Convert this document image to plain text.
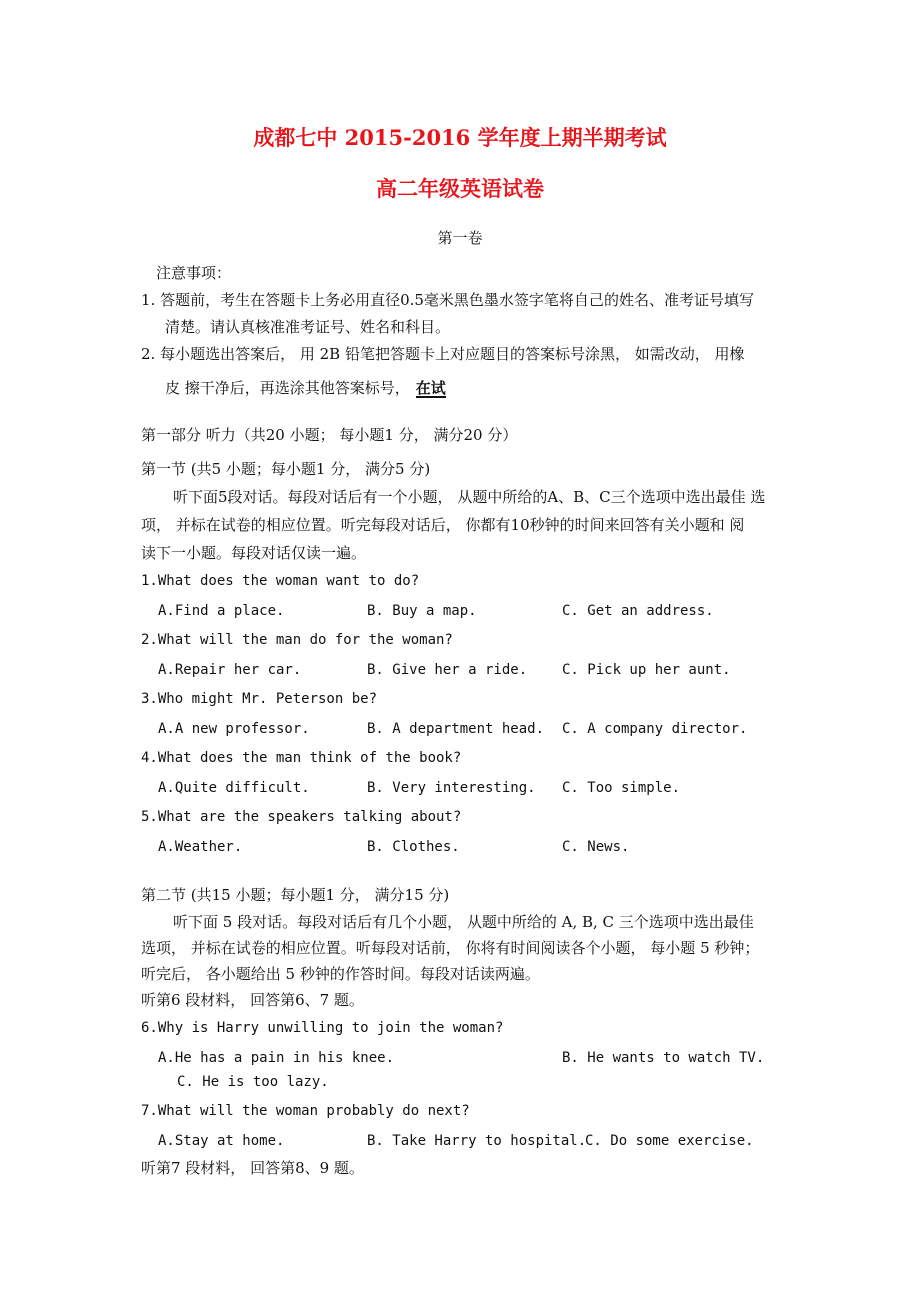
成都七中 2015-2016 学年度上期半期考试
高二年级英语试卷
第一卷
注意事项：
1. 答题前，考生在答题卡上务必用直径0.5毫米黑色墨水签字笔将自己的姓名、准考证号填写
清楚。请认真核准准考证号、姓名和科目。
2. 每小题选出答案后， 用 2B 铅笔把答题卡上对应题目的答案标号涂黑， 如需改动， 用橡
皮 擦干净后，再选涂其他答案标号， 在试
第一部分 听力（共20 小题； 每小题1 分， 满分20 分）
第一节 (共5 小题；每小题1 分， 满分5 分)
听下面5段对话。每段对话后有一个小题， 从题中所给的A、B、C三个选项中选出最佳 选
项， 并标在试卷的相应位置。听完每段对话后， 你都有10秒钟的时间来回答有关小题和 阅
读下一小题。每段对话仅读一遍。
1.What does the woman want to do?
A.Find a place.	B. Buy a map.	C. Get an address.
2.What will the man do for the woman?
A.Repair her car.	B. Give her a ride. C. Pick up her aunt.
3.Who might Mr. Peterson be?
A.A new professor.	B. A department head. C. A company director.
4.What does the man think of the book?
A.Quite difficult.	B. Very interesting. C. Too simple.
5.What are the speakers talking about?
A.Weather.	B. Clothes.	C. News.
第二节 (共15 小题；每小题1 分， 满分15 分)
听下面 5 段对话。每段对话后有几个小题， 从题中所给的 A, B, C 三个选项中选出最佳
选项， 并标在试卷的相应位置。听每段对话前， 你将有时间阅读各个小题， 每小题 5 秒钟；
听完后， 各小题给出 5 秒钟的作答时间。每段对话读两遍。
听第6 段材料， 回答第6、7 题。
6.Why is Harry unwilling to join the woman?
A.He has a pain in his knee.	B. He wants to watch TV.
C. He is too lazy.
7.What will the woman probably do next?
A.Stay at home.	B. Take Harry to hospital.
C. Do some exercise.
听第7 段材料， 回答第8、9 题。
